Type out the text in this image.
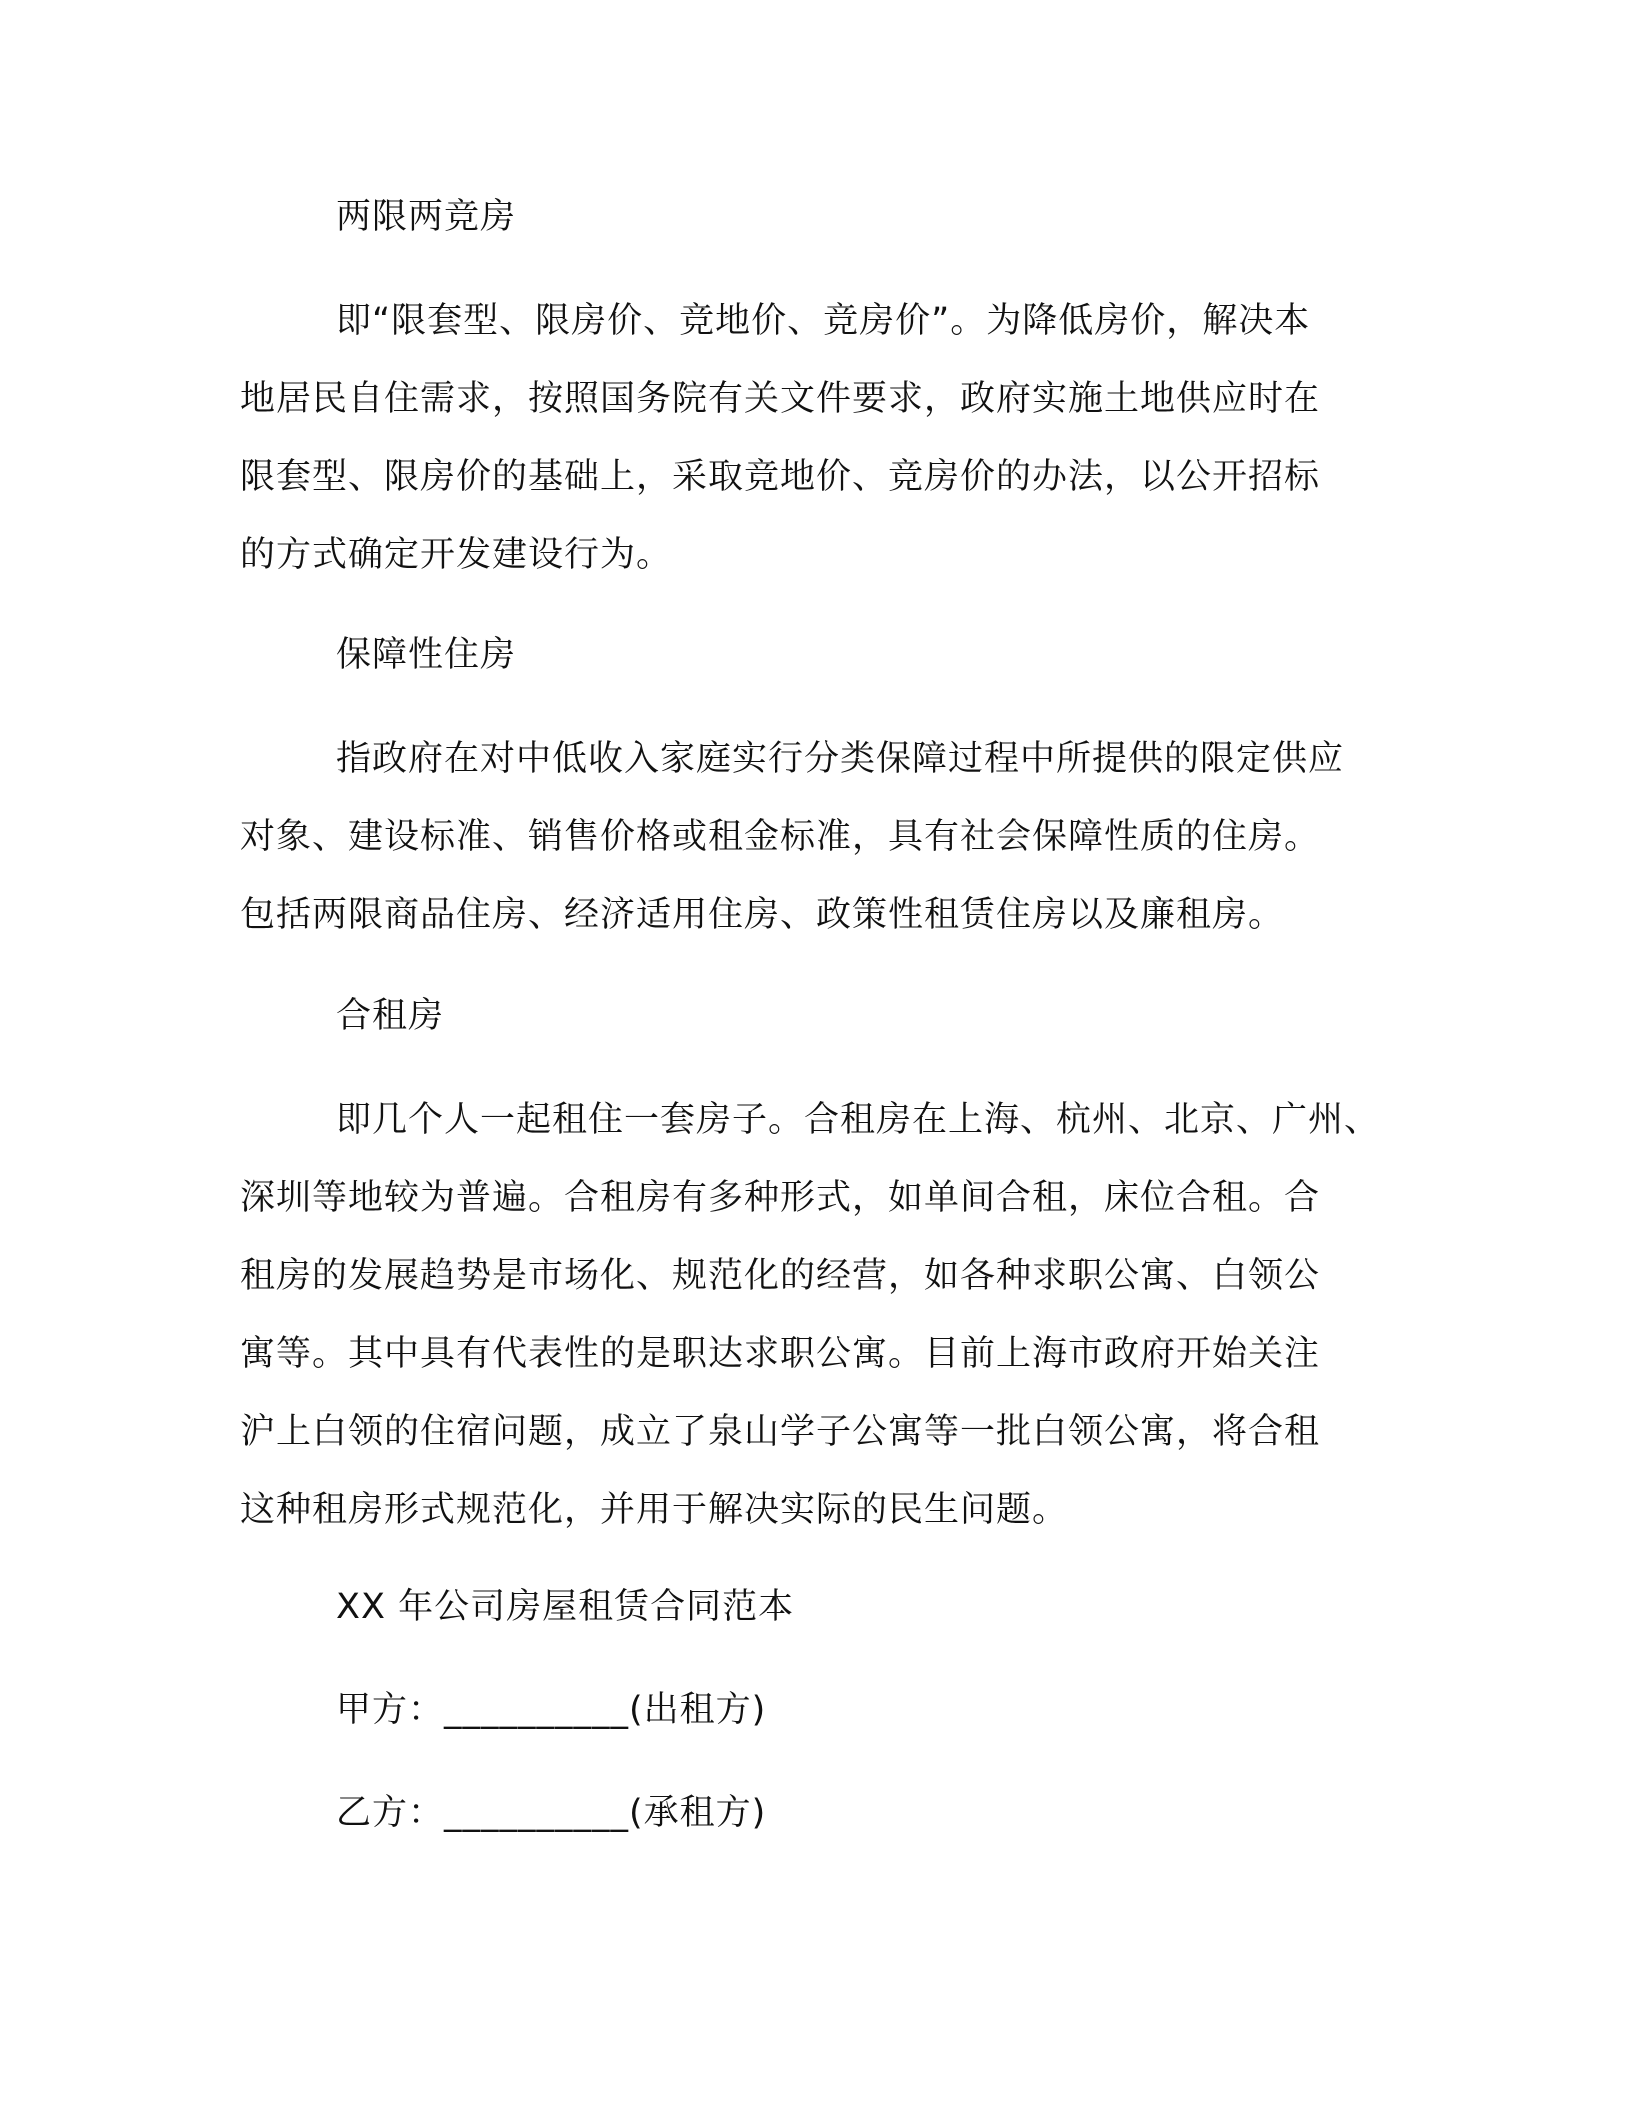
两限两竞房
即“限套型、限房价、竞地价、竞房价”。为降低房价，解决本
地居民自住需求，按照国务院有关文件要求，政府实施土地供应时在
限套型、限房价的基础上，采取竞地价、竞房价的办法，以公开招标
的方式确定开发建设行为。
保障性住房
指政府在对中低收入家庭实行分类保障过程中所提供的限定供应
对象、建设标准、销售价格或租金标准，具有社会保障性质的住房。
包括两限商品住房、经济适用住房、政策性租赁住房以及廉租房。
合租房
即几个人一起租住一套房子。合租房在上海、杭州、北京、广州、
深圳等地较为普遍。合租房有多种形式，如单间合租，床位合租。合
租房的发展趋势是市场化、规范化的经营，如各种求职公寓、白领公
寓等。其中具有代表性的是职达求职公寓。目前上海市政府开始关注
沪上白领的住宿问题，成立了泉山学子公寓等一批白领公寓，将合租
这种租房形式规范化，并用于解决实际的民生问题。
XX 年公司房屋租赁合同范本
甲方：__________(出租方)
乙方：__________(承租方)
